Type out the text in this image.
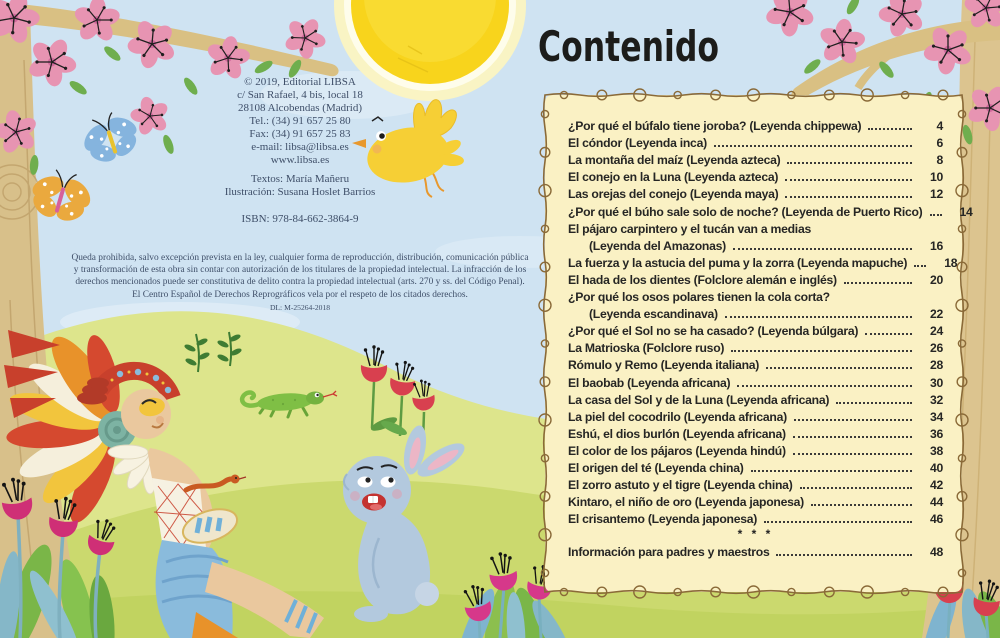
© 2019, Editorial LIBSA
c/ San Rafael, 4 bis, local 18
28108 Alcobendas (Madrid)
Tel.: (34) 91 657 25 80
Fax: (34) 91 657 25 83
e-mail: libsa@libsa.es
www.libsa.es
Textos: María Mañeru
Ilustración: Susana Hoslet Barrios
ISBN: 978-84-662-3864-9
Queda prohibida, salvo excepción prevista en la ley, cualquier forma de reproducción, distribución, comunicación pública y transformación de esta obra sin contar con autorización de los titulares de la propiedad intelectual. La infracción de los derechos mencionados puede ser constitutiva de delito contra la propiedad intelectual (arts. 270 y ss. del Código Penal). El Centro Español de Derechos Reprográficos vela por el respeto de los citados derechos.
DL: M-25264-2018
Contenido
¿Por qué el búfalo tiene joroba? (Leyenda chippewa)	4
El cóndor (Leyenda inca)	6
La montaña del maíz (Leyenda azteca)	8
El conejo en la Luna (Leyenda azteca)	10
Las orejas del conejo (Leyenda maya)	12
¿Por qué el búho sale solo de noche? (Leyenda de Puerto Rico)	14
El pájaro carpintero y el tucán van a medias
(Leyenda del Amazonas)	16
La fuerza y la astucia del puma y la zorra (Leyenda mapuche)	18
El hada de los dientes (Folclore alemán e inglés)	20
¿Por qué los osos polares tienen la cola corta?
(Leyenda escandinava)	22
¿Por qué el Sol no se ha casado? (Leyenda búlgara)	24
La Matrioska (Folclore ruso)	26
Rómulo y Remo (Leyenda italiana)	28
El baobab (Leyenda africana)	30
La casa del Sol y de la Luna (Leyenda africana)	32
La piel del cocodrilo (Leyenda africana)	34
Eshú, el dios burlón (Leyenda africana)	36
El color de los pájaros (Leyenda hindú)	38
El origen del té (Leyenda china)	40
El zorro astuto y el tigre (Leyenda china)	42
Kintaro, el niño de oro (Leyenda japonesa)	44
El crisantemo (Leyenda japonesa)	46
* * *
Información para padres y maestros	48
